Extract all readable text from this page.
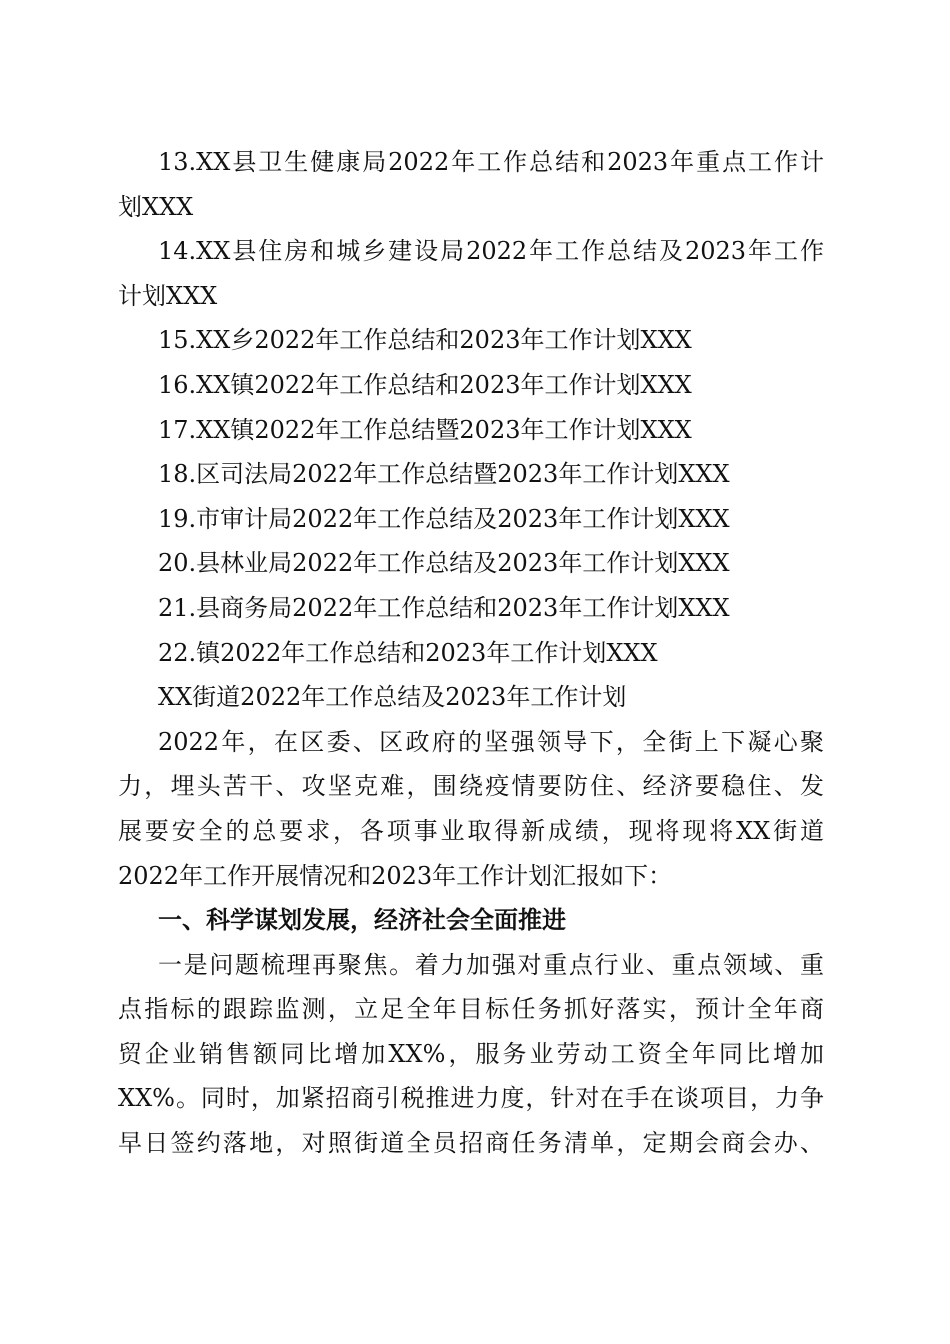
13.XX县卫生健康局2022年工作总结和2023年重点工作计
划XXX
14.XX县住房和城乡建设局2022年工作总结及2023年工作
计划XXX
15.XX乡2022年工作总结和2023年工作计划XXX
16.XX镇2022年工作总结和2023年工作计划XXX
17.XX镇2022年工作总结暨2023年工作计划XXX
18.区司法局2022年工作总结暨2023年工作计划XXX
19.市审计局2022年工作总结及2023年工作计划XXX
20.县林业局2022年工作总结及2023年工作计划XXX
21.县商务局2022年工作总结和2023年工作计划XXX
22.镇2022年工作总结和2023年工作计划XXX
XX街道2022年工作总结及2023年工作计划
2022年，在区委、区政府的坚强领导下，全街上下凝心聚
力，埋头苦干、攻坚克难，围绕疫情要防住、经济要稳住、发
展要安全的总要求，各项事业取得新成绩，现将现将XX街道
2022年工作开展情况和2023年工作计划汇报如下：
一、科学谋划发展，经济社会全面推进
一是问题梳理再聚焦。着力加强对重点行业、重点领域、重
点指标的跟踪监测，立足全年目标任务抓好落实，预计全年商
贸企业销售额同比增加XX%，服务业劳动工资全年同比增加
XX%。同时，加紧招商引税推进力度，针对在手在谈项目，力争
早日签约落地，对照街道全员招商任务清单，定期会商会办、
